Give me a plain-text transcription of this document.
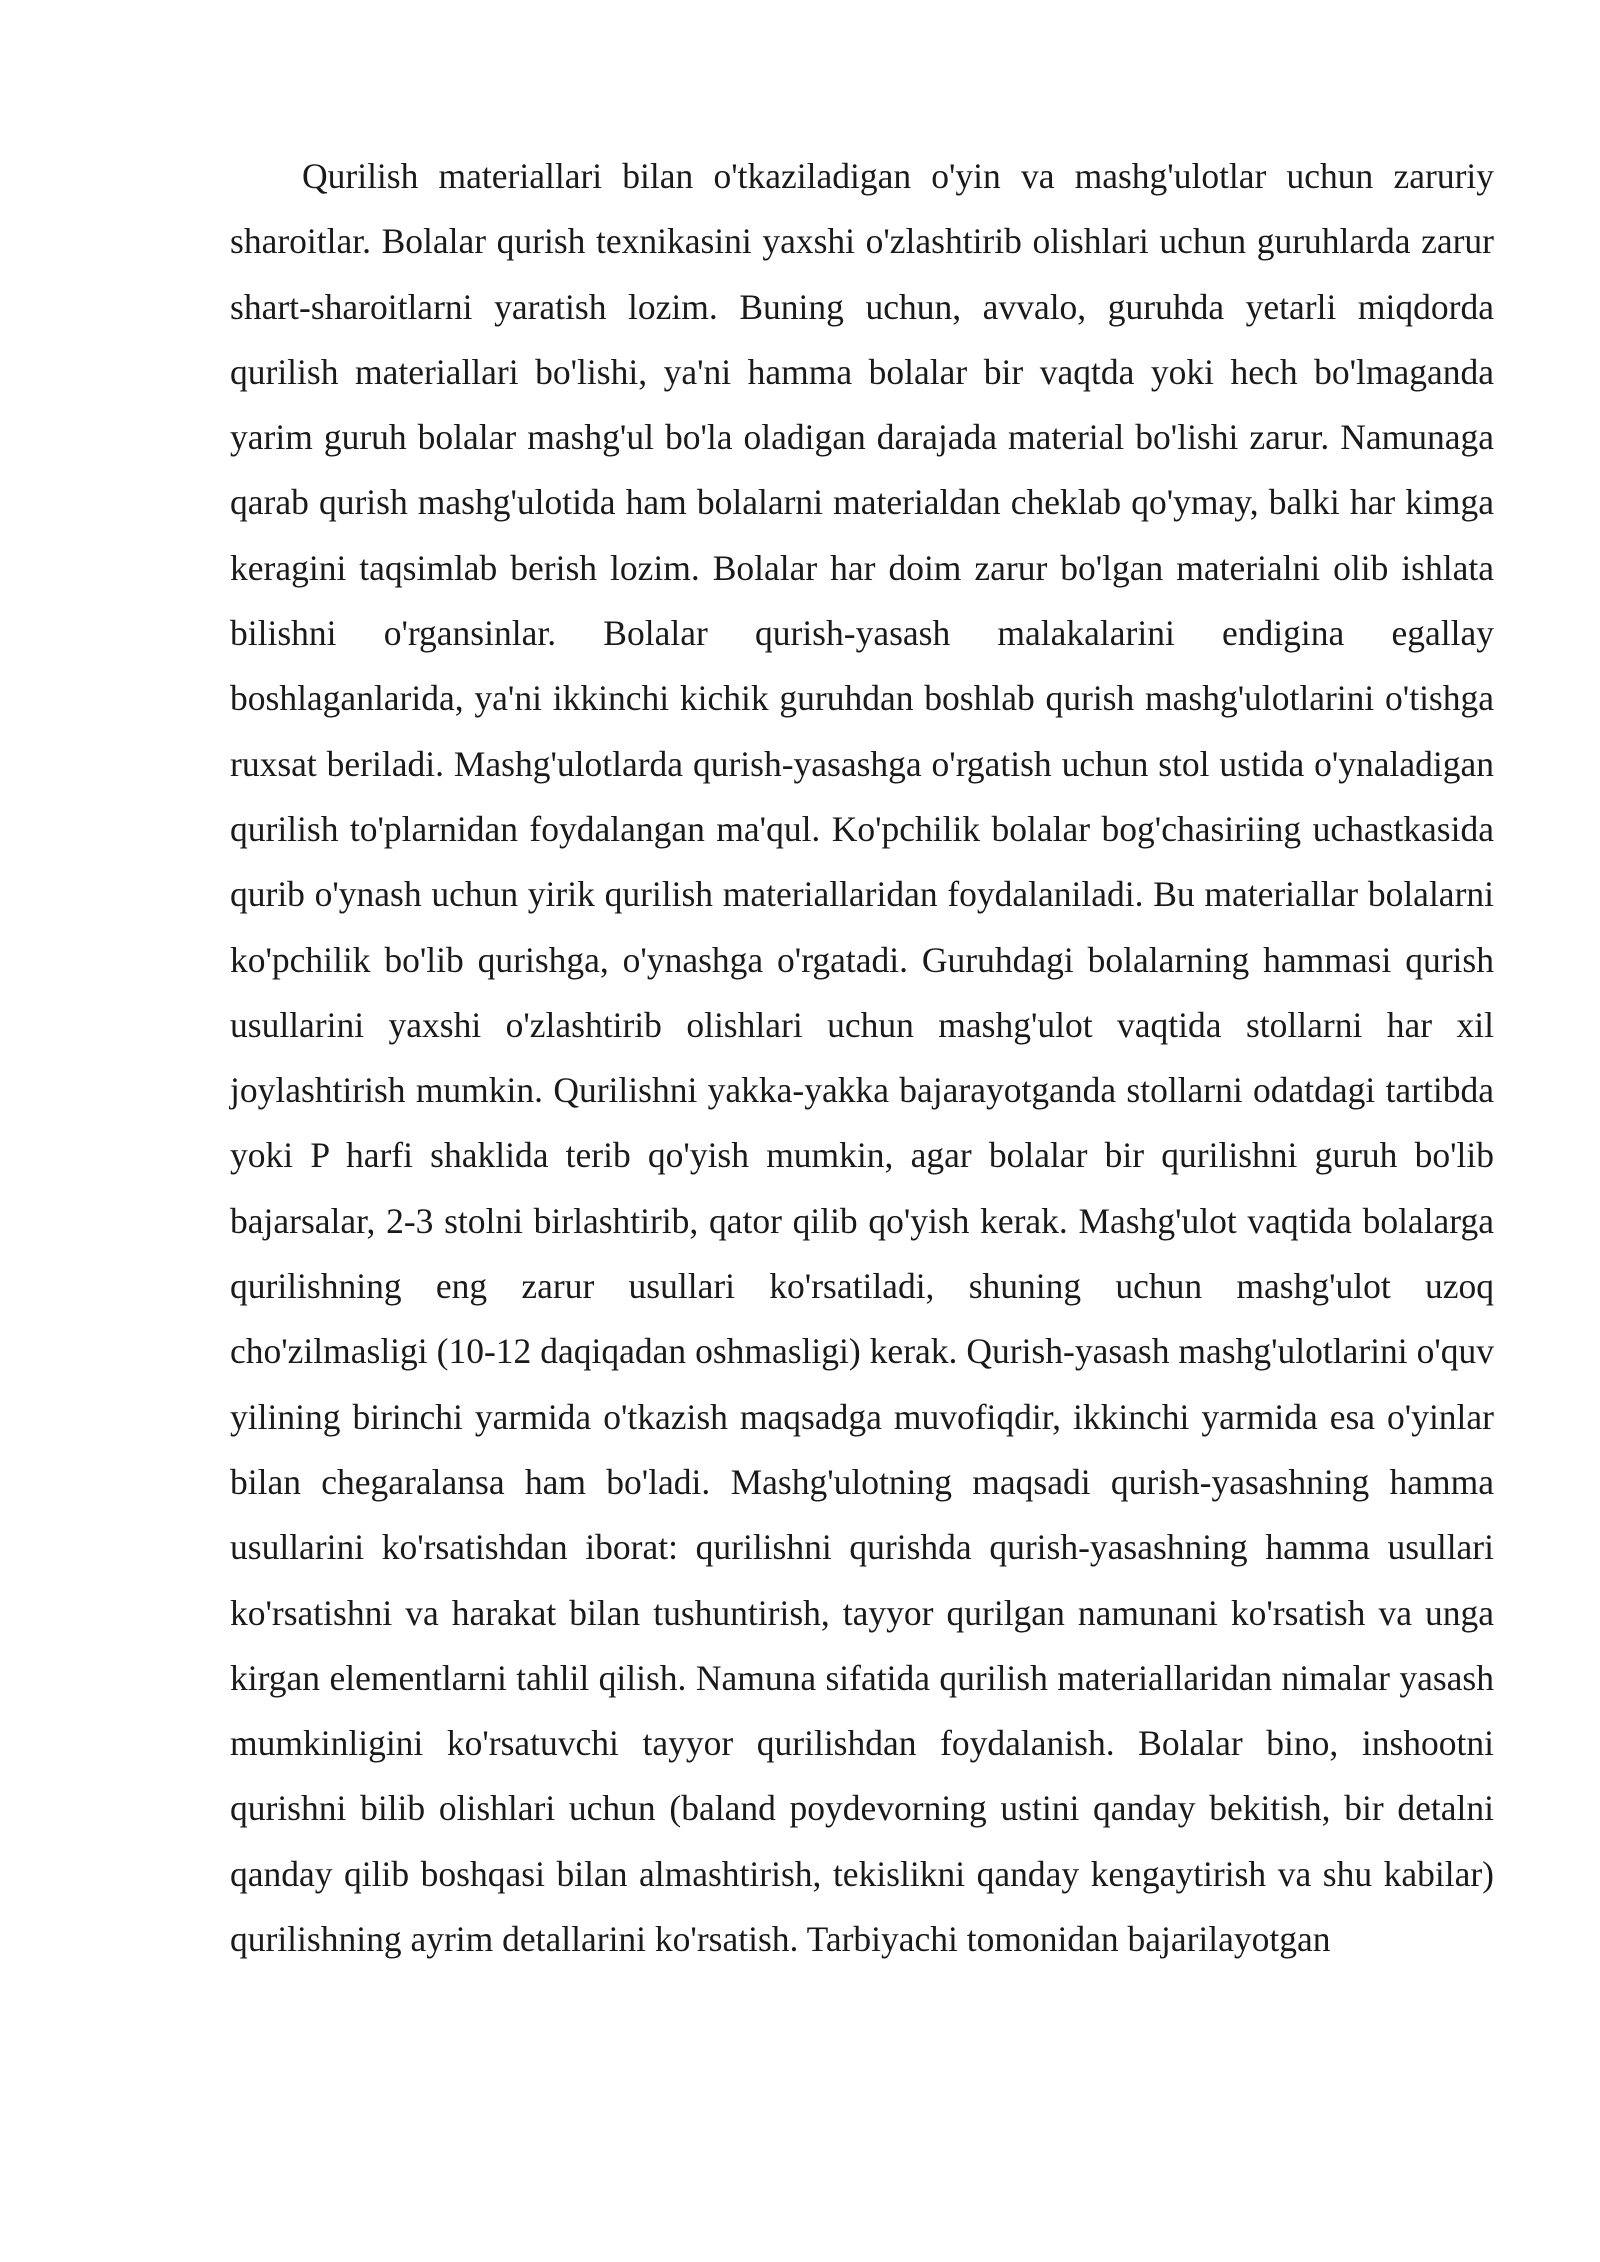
Qurilish materiallari bilan o'tkaziladigan o'yin va mashg'ulotlar uchun zaruriy sharoitlar. Bolalar qurish texnikasini yaxshi o'zlashtirib olishlari uchun guruhlarda zarur shart-sharoitlarni yaratish lozim. Buning uchun, avvalo, guruhda yetarli miqdorda qurilish materiallari bo'lishi, ya'ni hamma bolalar bir vaqtda yoki hech bo'lmaganda yarim guruh bolalar mashg'ul bo'la oladigan darajada material bo'lishi zarur. Namunaga qarab qurish mashg'ulotida ham bolalarni materialdan cheklab qo'ymay, balki har kimga keragini taqsimlab berish lozim. Bolalar har doim zarur bo'lgan materialni olib ishlata bilishni o'rgansinlar. Bolalar qurish-yasash malakalarini endigina egallay boshlaganlarida, ya'ni ikkinchi kichik guruhdan boshlab qurish mashg'ulotlarini o'tishga ruxsat beriladi. Mashg'ulotlarda qurish-yasashga o'rgatish uchun stol ustida o'ynaladigan qurilish to'plarnidan foydalangan ma'qul. Ko'pchilik bolalar bog'chasiriing uchastkasida qurib o'ynash uchun yirik qurilish materiallaridan foydalaniladi. Bu materiallar bolalarni ko'pchilik bo'lib qurishga, o'ynashga o'rgatadi. Guruhdagi bolalarning hammasi qurish usullarini yaxshi o'zlashtirib olishlari uchun mashg'ulot vaqtida stollarni har xil joylashtirish mumkin. Qurilishni yakka-yakka bajarayotganda stollarni odatdagi tartibda yoki P harfi shaklida terib qo'yish mumkin, agar bolalar bir qurilishni guruh bo'lib bajarsalar, 2-3 stolni birlashtirib, qator qilib qo'yish kerak. Mashg'ulot vaqtida bolalarga qurilishning eng zarur usullari ko'rsatiladi, shuning uchun mashg'ulot uzoq cho'zilmasligi (10-12 daqiqadan oshmasligi) kerak. Qurish-yasash mashg'ulotlarini o'quv yilining birinchi yarmida o'tkazish maqsadga muvofiqdir, ikkinchi yarmida esa o'yinlar bilan chegaralansa ham bo'ladi. Mashg'ulotning maqsadi qurish-yasashning hamma usullarini ko'rsatishdan iborat: qurilishni qurishda qurish-yasashning hamma usullari ko'rsatishni va harakat bilan tushuntirish, tayyor qurilgan namunani ko'rsatish va unga kirgan elementlarni tahlil qilish. Namuna sifatida qurilish materiallaridan nimalar yasash mumkinligini ko'rsatuvchi tayyor qurilishdan foydalanish. Bolalar bino, inshootni qurishni bilib olishlari uchun (baland poydevorning ustini qanday bekitish, bir detalni qanday qilib boshqasi bilan almashtirish, tekislikni qanday kengaytirish va shu kabilar) qurilishning ayrim detallarini ko'rsatish. Tarbiyachi tomonidan bajarilayotgan
